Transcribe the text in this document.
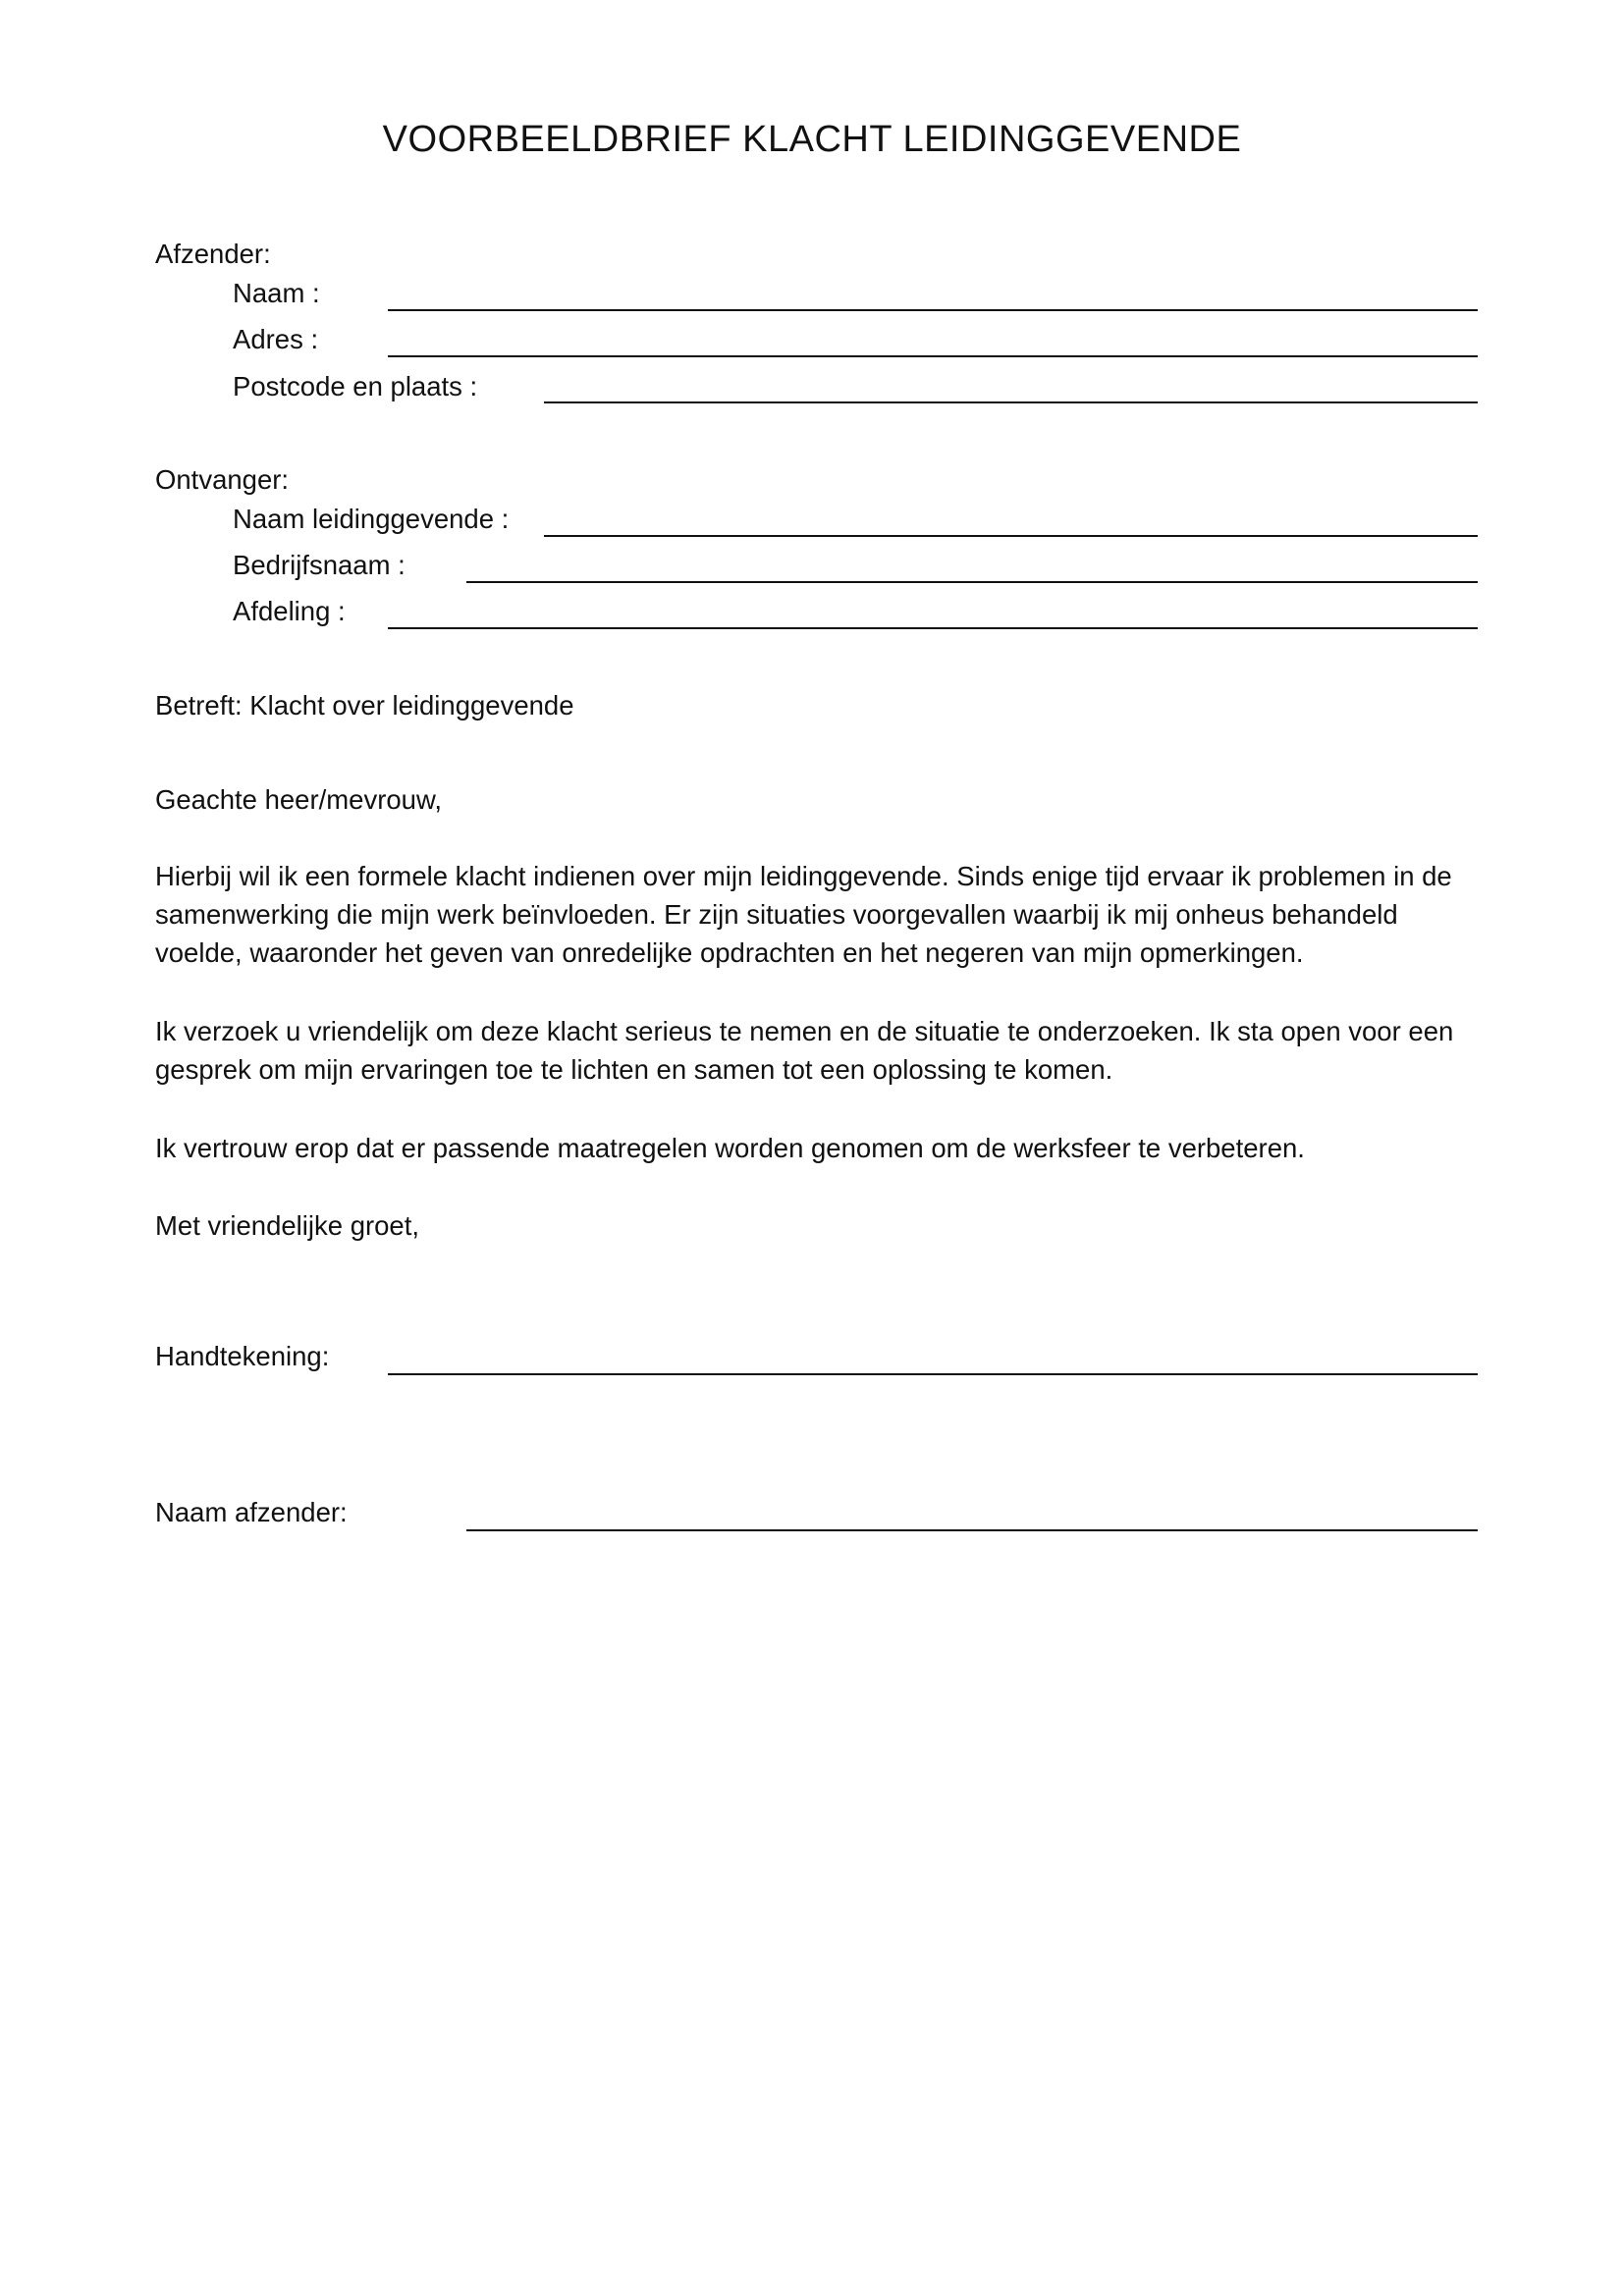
VOORBEELDBRIEF KLACHT LEIDINGGEVENDE
Afzender:
Naam :
Adres :
Postcode en plaats :
Ontvanger:
Naam leidinggevende :
Bedrijfsnaam :
Afdeling :
Betreft: Klacht over leidinggevende
Geachte heer/mevrouw,
Hierbij wil ik een formele klacht indienen over mijn leidinggevende. Sinds enige tijd ervaar ik problemen in de
samenwerking die mijn werk beïnvloeden. Er zijn situaties voorgevallen waarbij ik mij onheus behandeld
voelde, waaronder het geven van onredelijke opdrachten en het negeren van mijn opmerkingen.
Ik verzoek u vriendelijk om deze klacht serieus te nemen en de situatie te onderzoeken. Ik sta open voor een
gesprek om mijn ervaringen toe te lichten en samen tot een oplossing te komen.
Ik vertrouw erop dat er passende maatregelen worden genomen om de werksfeer te verbeteren.
Met vriendelijke groet,
Handtekening:
Naam afzender:
